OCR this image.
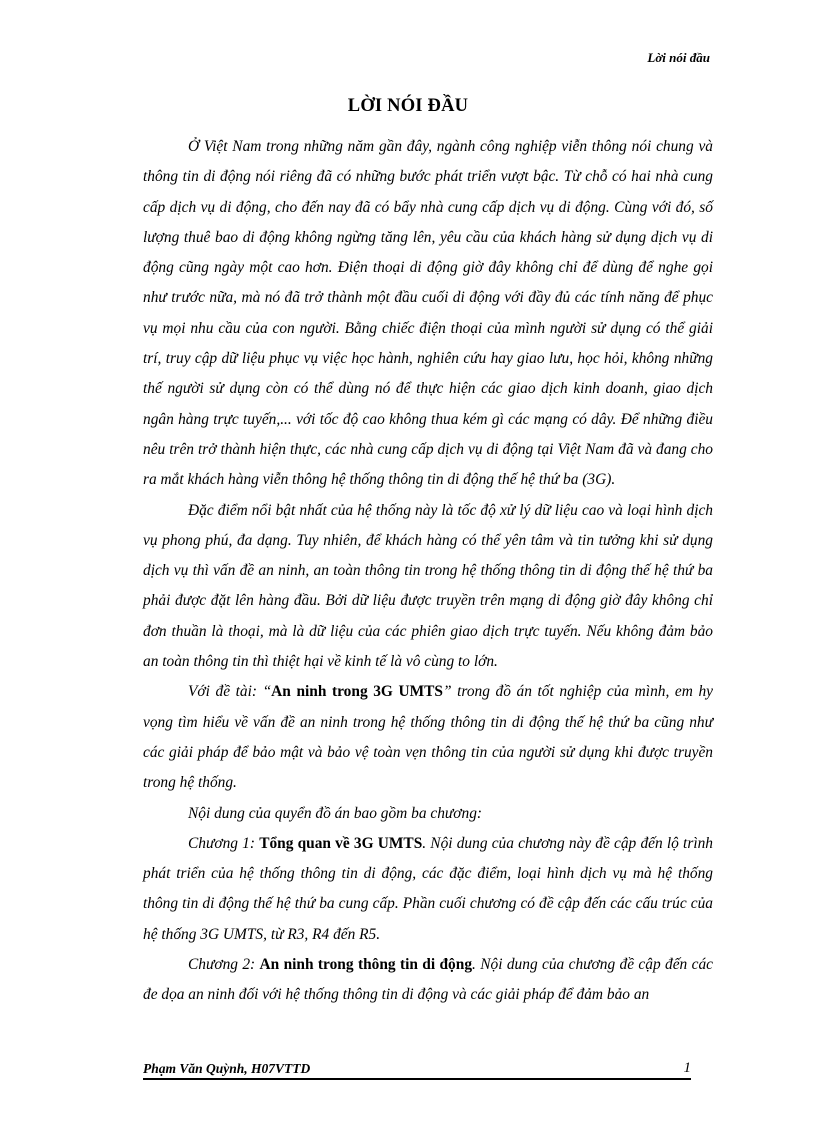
Lời nói đầu

LỜI NÓI ĐẦU

Ở Việt Nam trong những năm gần đây, ngành công nghiệp viễn thông nói chung và thông tin di động nói riêng đã có những bước phát triển vượt bậc. Từ chỗ có hai nhà cung cấp dịch vụ di động, cho đến nay đã có bẩy nhà cung cấp dịch vụ di động. Cùng với đó, số lượng thuê bao di động không ngừng tăng lên, yêu cầu của khách hàng sử dụng dịch vụ di động cũng ngày một cao hơn. Điện thoại di động giờ đây không chỉ để dùng để nghe gọi như trước nữa, mà nó đã trở thành một đầu cuối di động với đầy đủ các tính năng để phục vụ mọi nhu cầu của con người. Bằng chiếc điện thoại của mình người sử dụng có thể giải trí, truy cập dữ liệu phục vụ việc học hành, nghiên cứu hay giao lưu, học hỏi, không những thế người sử dụng còn có thể dùng nó để thực hiện các giao dịch kinh doanh, giao dịch ngân hàng trực tuyến,... với tốc độ cao không thua kém gì các mạng có dây. Để những điều nêu trên trở thành hiện thực, các nhà cung cấp dịch vụ di động tại Việt Nam đã và đang cho ra mắt khách hàng viễn thông hệ thống thông tin di động thế hệ thứ ba (3G).

Đặc điểm nổi bật nhất của hệ thống này là tốc độ xử lý dữ liệu cao và loại hình dịch vụ phong phú, đa dạng. Tuy nhiên, để khách hàng có thể yên tâm và tin tưởng khi sử dụng dịch vụ thì vấn đề an ninh, an toàn thông tin trong hệ thống thông tin di động thế hệ thứ ba phải được đặt lên hàng đầu. Bởi dữ liệu được truyền trên mạng di động giờ đây không chỉ đơn thuần là thoại, mà là dữ liệu của các phiên giao dịch trực tuyến. Nếu không đảm bảo an toàn thông tin thì thiệt hại về kinh tế là vô cùng to lớn.

Với đề tài: “An ninh trong 3G UMTS” trong đồ án tốt nghiệp của mình, em hy vọng tìm hiểu về vấn đề an ninh trong hệ thống thông tin di động thế hệ thứ ba cũng như các giải pháp để bảo mật và bảo vệ toàn vẹn thông tin của người sử dụng khi được truyền trong hệ thống.

Nội dung của quyển đồ án bao gồm ba chương:

Chương 1: Tổng quan về 3G UMTS. Nội dung của chương này đề cập đến lộ trình phát triển của hệ thống thông tin di động, các đặc điểm, loại hình dịch vụ mà hệ thống thông tin di động thế hệ thứ ba cung cấp. Phần cuối chương có đề cập đến các cấu trúc của hệ thống 3G UMTS, từ R3, R4 đến R5.

Chương 2: An ninh trong thông tin di động. Nội dung của chương đề cập đến các đe dọa an ninh đối với hệ thống thông tin di động và các giải pháp để đảm bảo an

Phạm Văn Quỳnh, H07VTTD	1
